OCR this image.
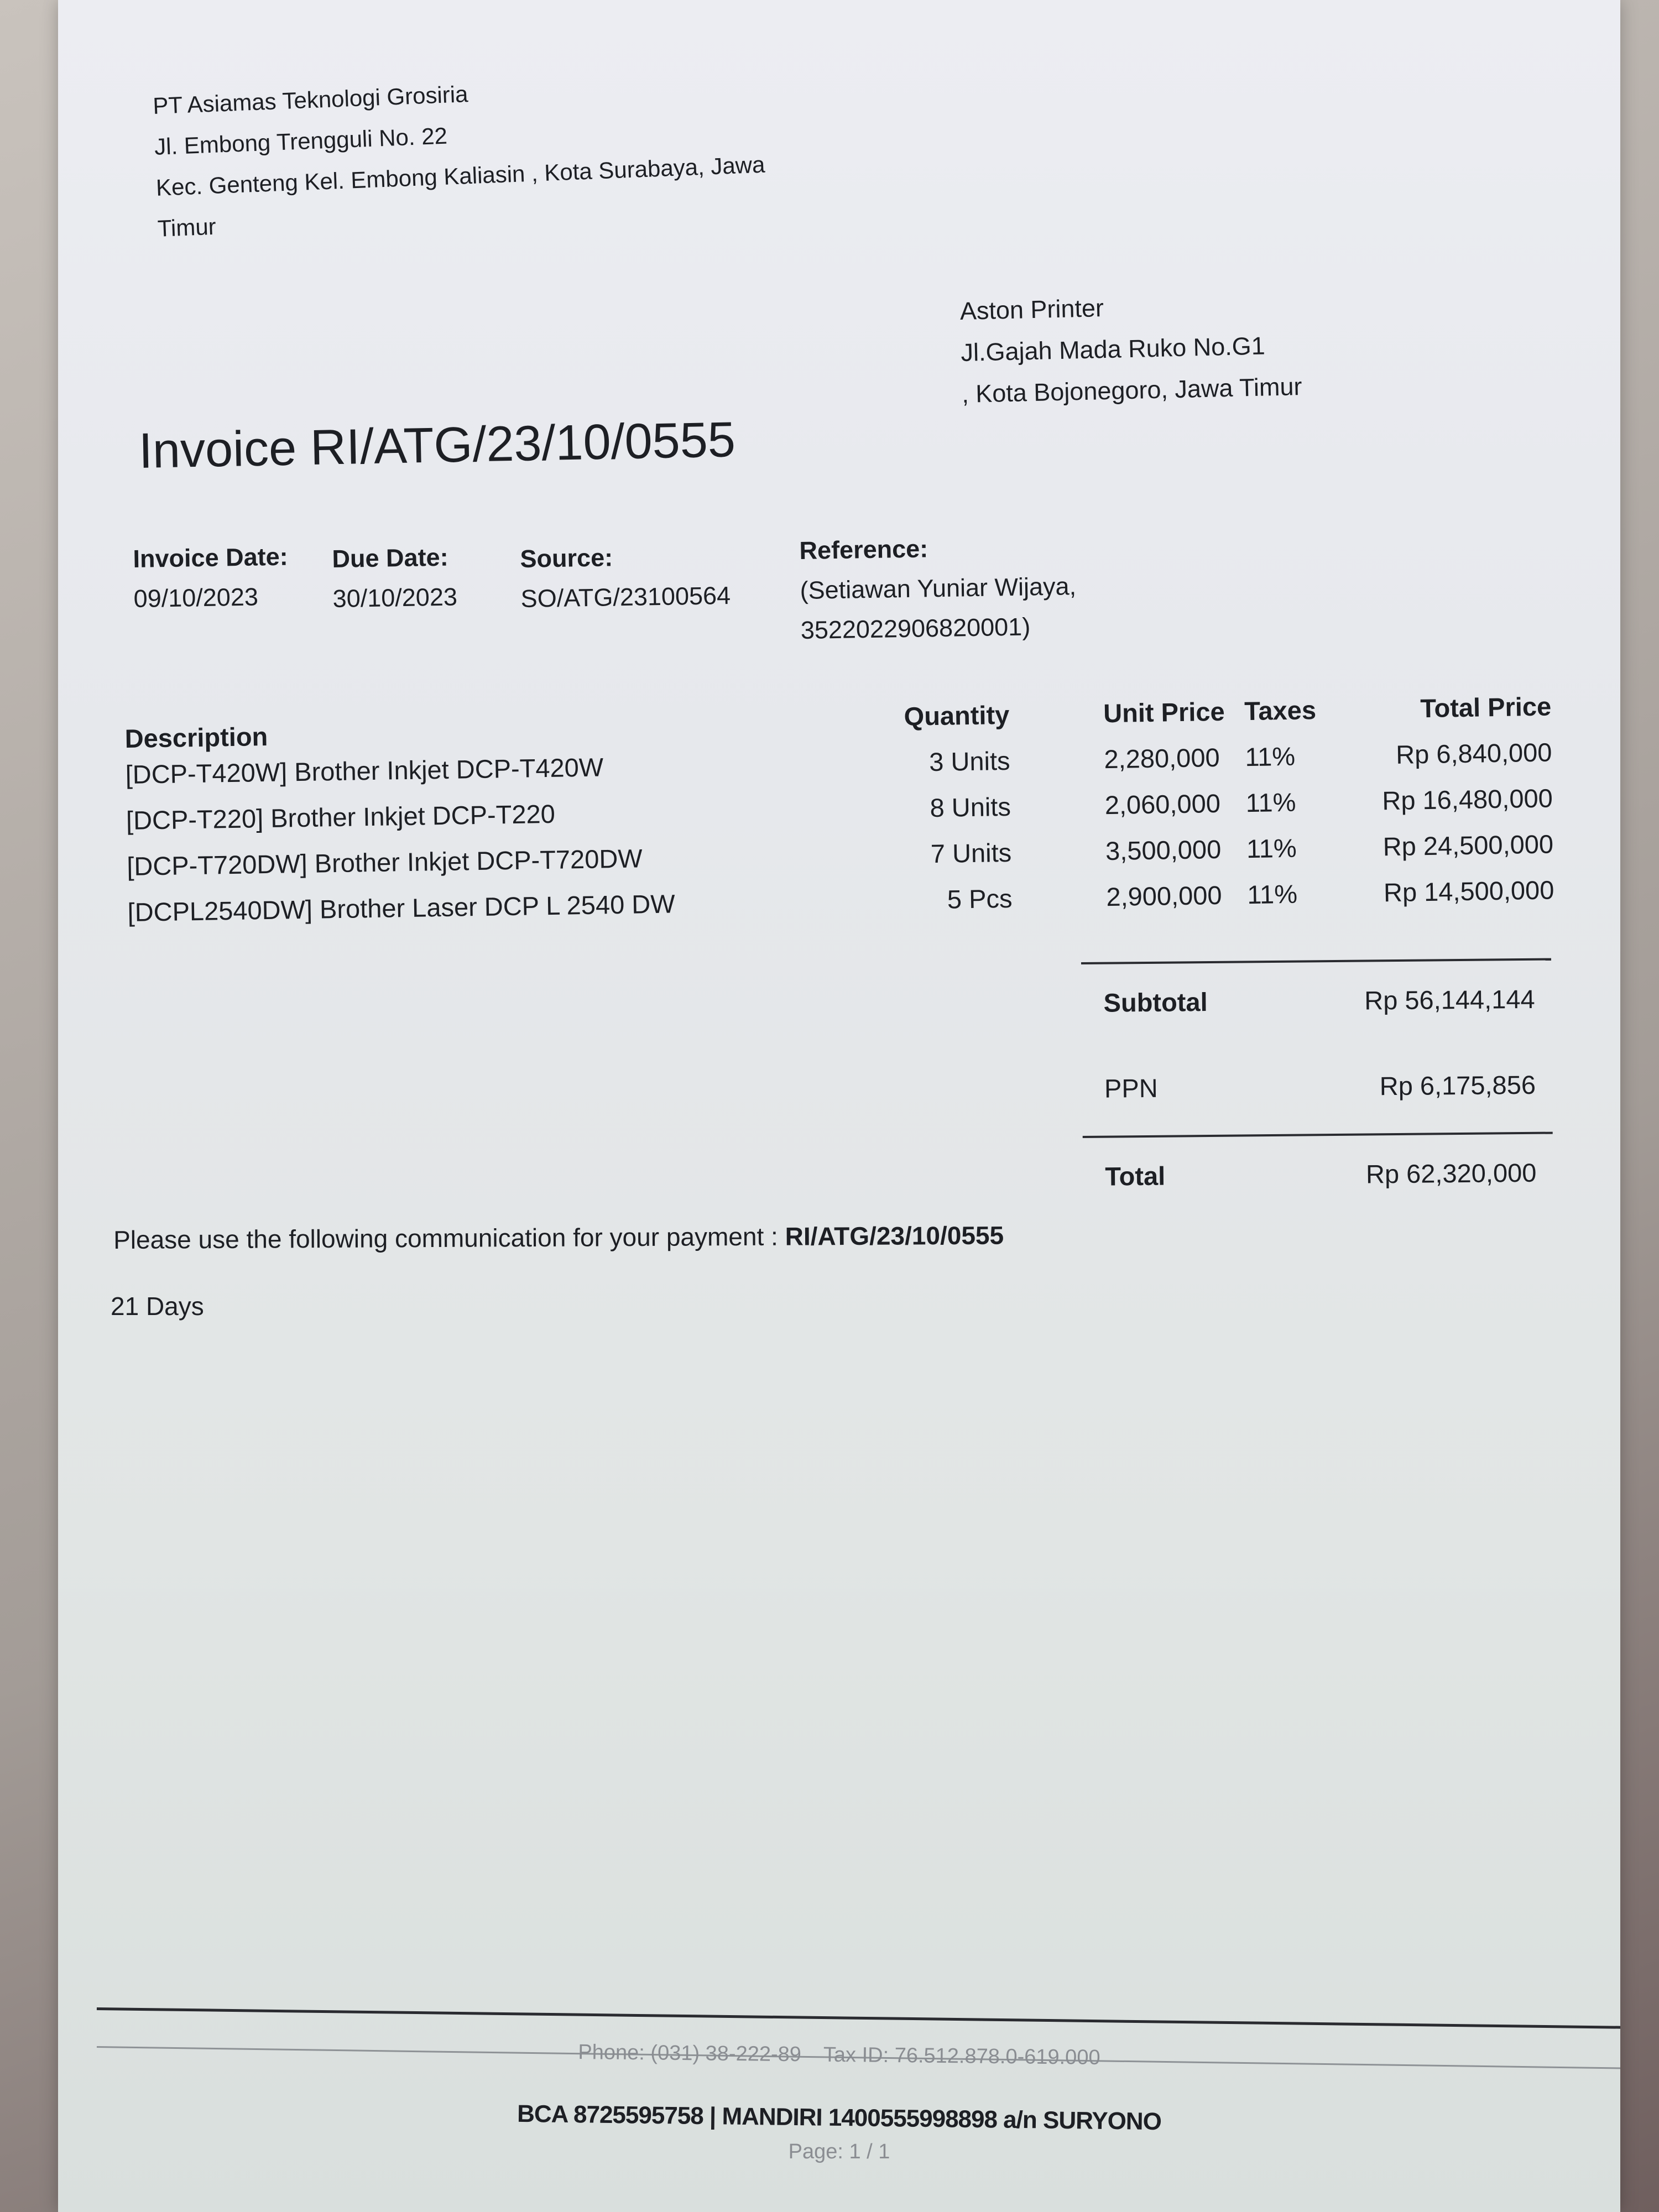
PT Asiamas Teknologi Grosiria
Jl. Embong Trengguli No. 22
Kec. Genteng Kel. Embong Kaliasin , Kota Surabaya, Jawa
Timur
Aston Printer
Jl.Gajah Mada Ruko No.G1
, Kota Bojonegoro, Jawa Timur
Invoice RI/ATG/23/10/0555
Invoice Date:
09/10/2023
Due Date:
30/10/2023
Source:
SO/ATG/23100564
Reference:
(Setiawan Yuniar Wijaya,
3522022906820001)
Description
Quantity	Unit Price Taxes	Total Price
[DCP-T420W] Brother Inkjet DCP-T420W	3 Units	2,280,000 11%	Rp 6,840,000
[DCP-T220] Brother Inkjet DCP-T220	8 Units	2,060,000 11%	Rp 16,480,000
[DCP-T720DW] Brother Inkjet DCP-T720DW	7 Units	3,500,000 11%	Rp 24,500,000
[DCPL2540DW] Brother Laser DCP L 2540 DW	5 Pcs	2,900,000 11%	Rp 14,500,000
Subtotal	Rp 56,144,144
PPN	Rp 6,175,856
Total	Rp 62,320,000
Please use the following communication for your payment : RI/ATG/23/10/0555
21 Days
Phone: (031) 38-222-89 Tax ID: 76.512.878.0-619.000
BCA 8725595758 | MANDIRI 1400555998898 a/n SURYONO
Page: 1 / 1
